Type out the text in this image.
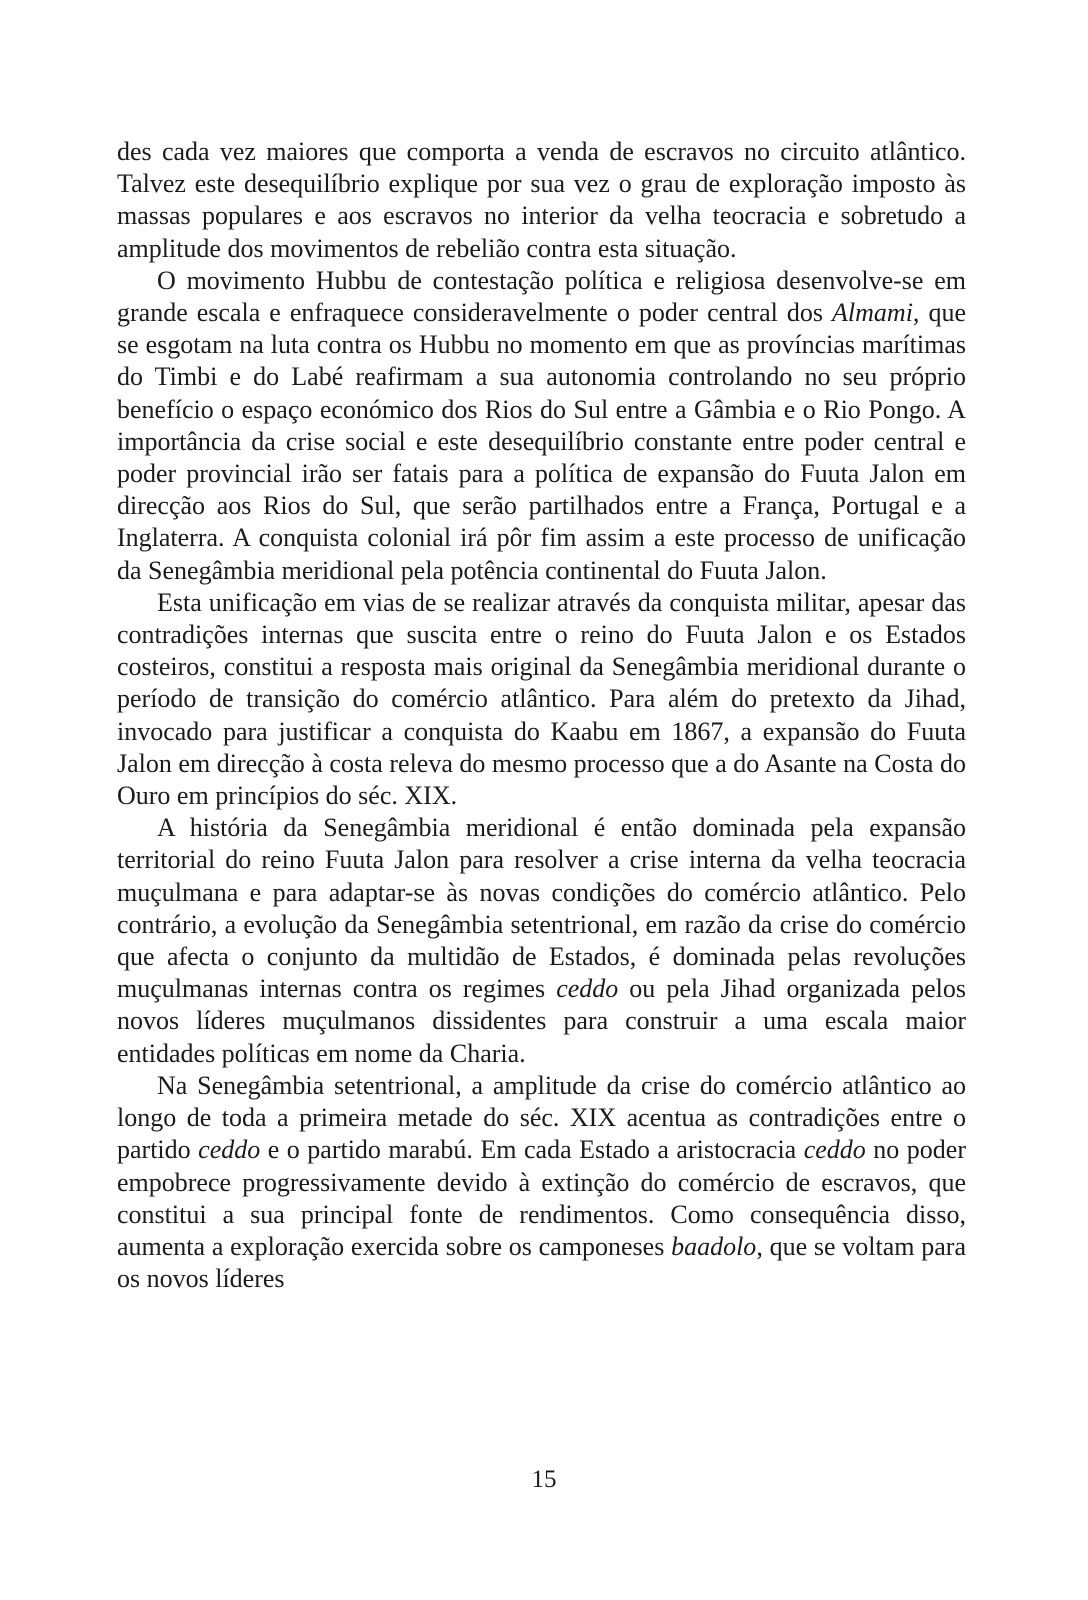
des cada vez maiores que comporta a venda de escravos no circuito atlântico. Talvez este desequilíbrio explique por sua vez o grau de exploração imposto às massas populares e aos escravos no interior da velha teocracia e sobretudo a amplitude dos movimentos de rebelião contra esta situação.

O movimento Hubbu de contestação política e religiosa desenvolve-se em grande escala e enfraquece consideravelmente o poder central dos Almami, que se esgotam na luta contra os Hubbu no momento em que as províncias marítimas do Timbi e do Labé reafirmam a sua autonomia controlando no seu próprio benefício o espaço económico dos Rios do Sul entre a Gâmbia e o Rio Pongo. A importância da crise social e este desequilíbrio constante entre poder central e poder provincial irão ser fatais para a política de expansão do Fuuta Jalon em direcção aos Rios do Sul, que serão partilhados entre a França, Portugal e a Inglaterra. A conquista colonial irá pôr fim assim a este processo de unificação da Senegâmbia meridional pela potência continental do Fuuta Jalon.

Esta unificação em vias de se realizar através da conquista militar, apesar das contradições internas que suscita entre o reino do Fuuta Jalon e os Estados costeiros, constitui a resposta mais original da Senegâmbia meridional durante o período de transição do comércio atlântico. Para além do pretexto da Jihad, invocado para justificar a conquista do Kaabu em 1867, a expansão do Fuuta Jalon em direcção à costa releva do mesmo processo que a do Asante na Costa do Ouro em princípios do séc. XIX.

A história da Senegâmbia meridional é então dominada pela expansão territorial do reino Fuuta Jalon para resolver a crise interna da velha teocracia muçulmana e para adaptar-se às novas condições do comércio atlântico. Pelo contrário, a evolução da Senegâmbia setentrional, em razão da crise do comércio que afecta o conjunto da multidão de Estados, é dominada pelas revoluções muçulmanas internas contra os regimes ceddo ou pela Jihad organizada pelos novos líderes muçulmanos dissidentes para construir a uma escala maior entidades políticas em nome da Charia.

Na Senegâmbia setentrional, a amplitude da crise do comércio atlântico ao longo de toda a primeira metade do séc. XIX acentua as contradições entre o partido ceddo e o partido marabú. Em cada Estado a aristocracia ceddo no poder empobrece progressivamente devido à extinção do comércio de escravos, que constitui a sua principal fonte de rendimentos. Como consequência disso, aumenta a exploração exercida sobre os camponeses baadolo, que se voltam para os novos líderes

15
